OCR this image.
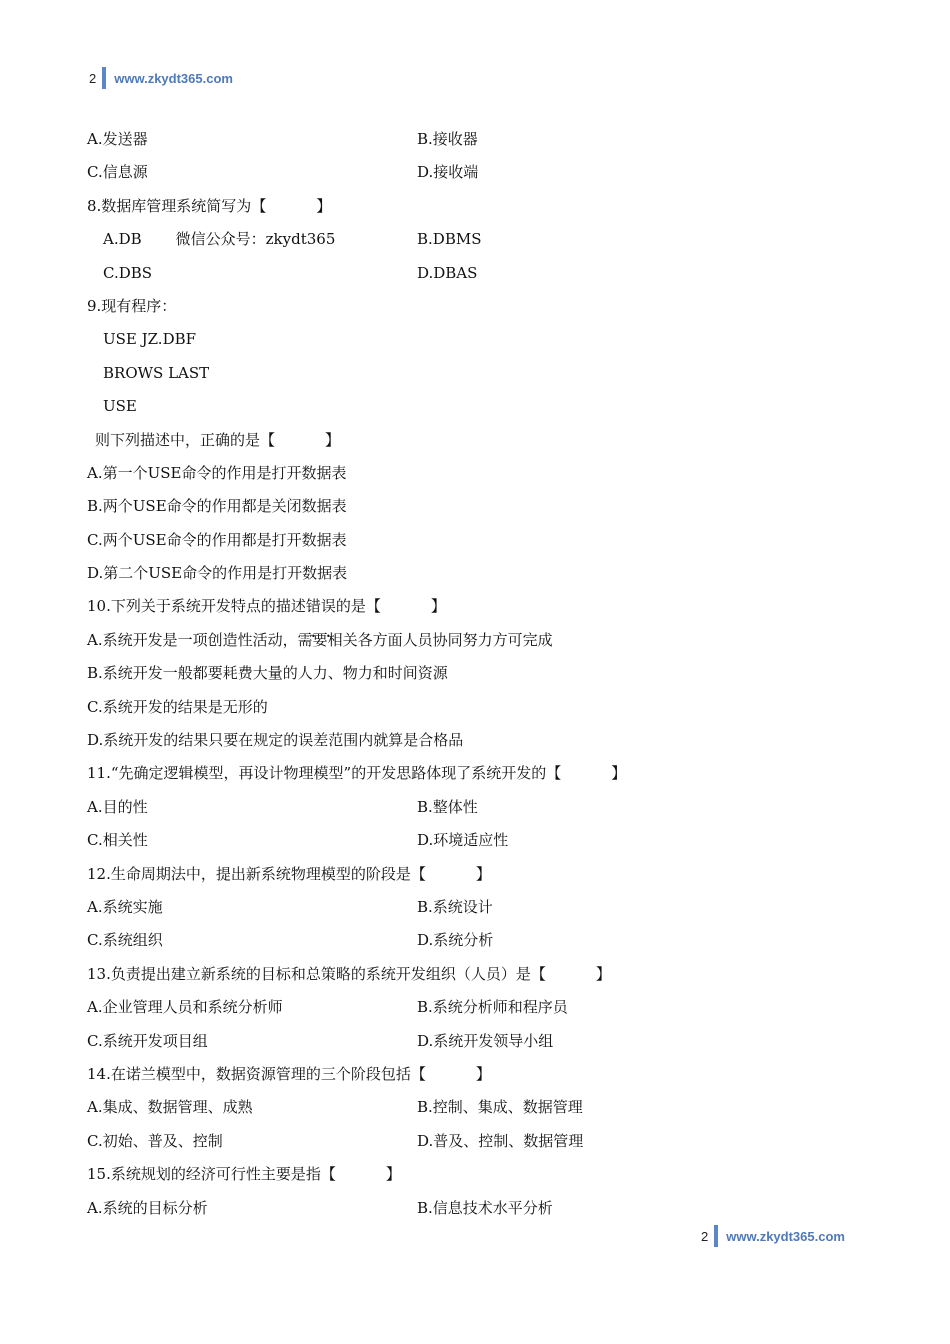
2 www.zkydt365.com
A.发送器	B.接收器
C.信息源	D.接收端
8.数据库管理系统简写为【	】
A.DB 微信公众号：zkydt365	B.DBMS
C.DBS	D.DBAS
9.现有程序：
USE JZ.DBF
BROWS LAST
USE
则下列描述中，正确的是【	】
A.第一个USE命令的作用是打开数据表
B.两个USE命令的作用都是关闭数据表
C.两个USE命令的作用都是打开数据表
D.第二个USE命令的作用是打开数据表
10.下列关于系统开发特点的描述 错 • 误 • 的是【	】
A.系统开发是一项创造性活动，需要相关各方面人员协同努力方可完成
B.系统开发一般都要耗费大量的人力、物力和时间资源
C.系统开发的结果是无形的
D.系统开发的结果只要在规定的误差范围内就算是合格品
11.“先确定逻辑模型，再设计物理模型”的开发思路体现了系统开发的【	】
A.目的性	B.整体性
C.相关性	D.环境适应性
12.生命周期法中，提出新系统物理模型的阶段是【	】
A.系统实施	B.系统设计
C.系统组织	D.系统分析
13.负责提出建立新系统的目标和总策略的系统开发组织（人员）是【	】
A.企业管理人员和系统分析师	B.系统分析师和程序员
C.系统开发项目组	D.系统开发领导小组
14.在诺兰模型中，数据资源管理的三个阶段包括【	】
A.集成、数据管理、成熟	B.控制、集成、数据管理
C.初始、普及、控制	D.普及、控制、数据管理
15.系统规划的经济可行性主要是指【	】
A.系统的目标分析	B.信息技术水平分析
2 www.zkydt365.com
